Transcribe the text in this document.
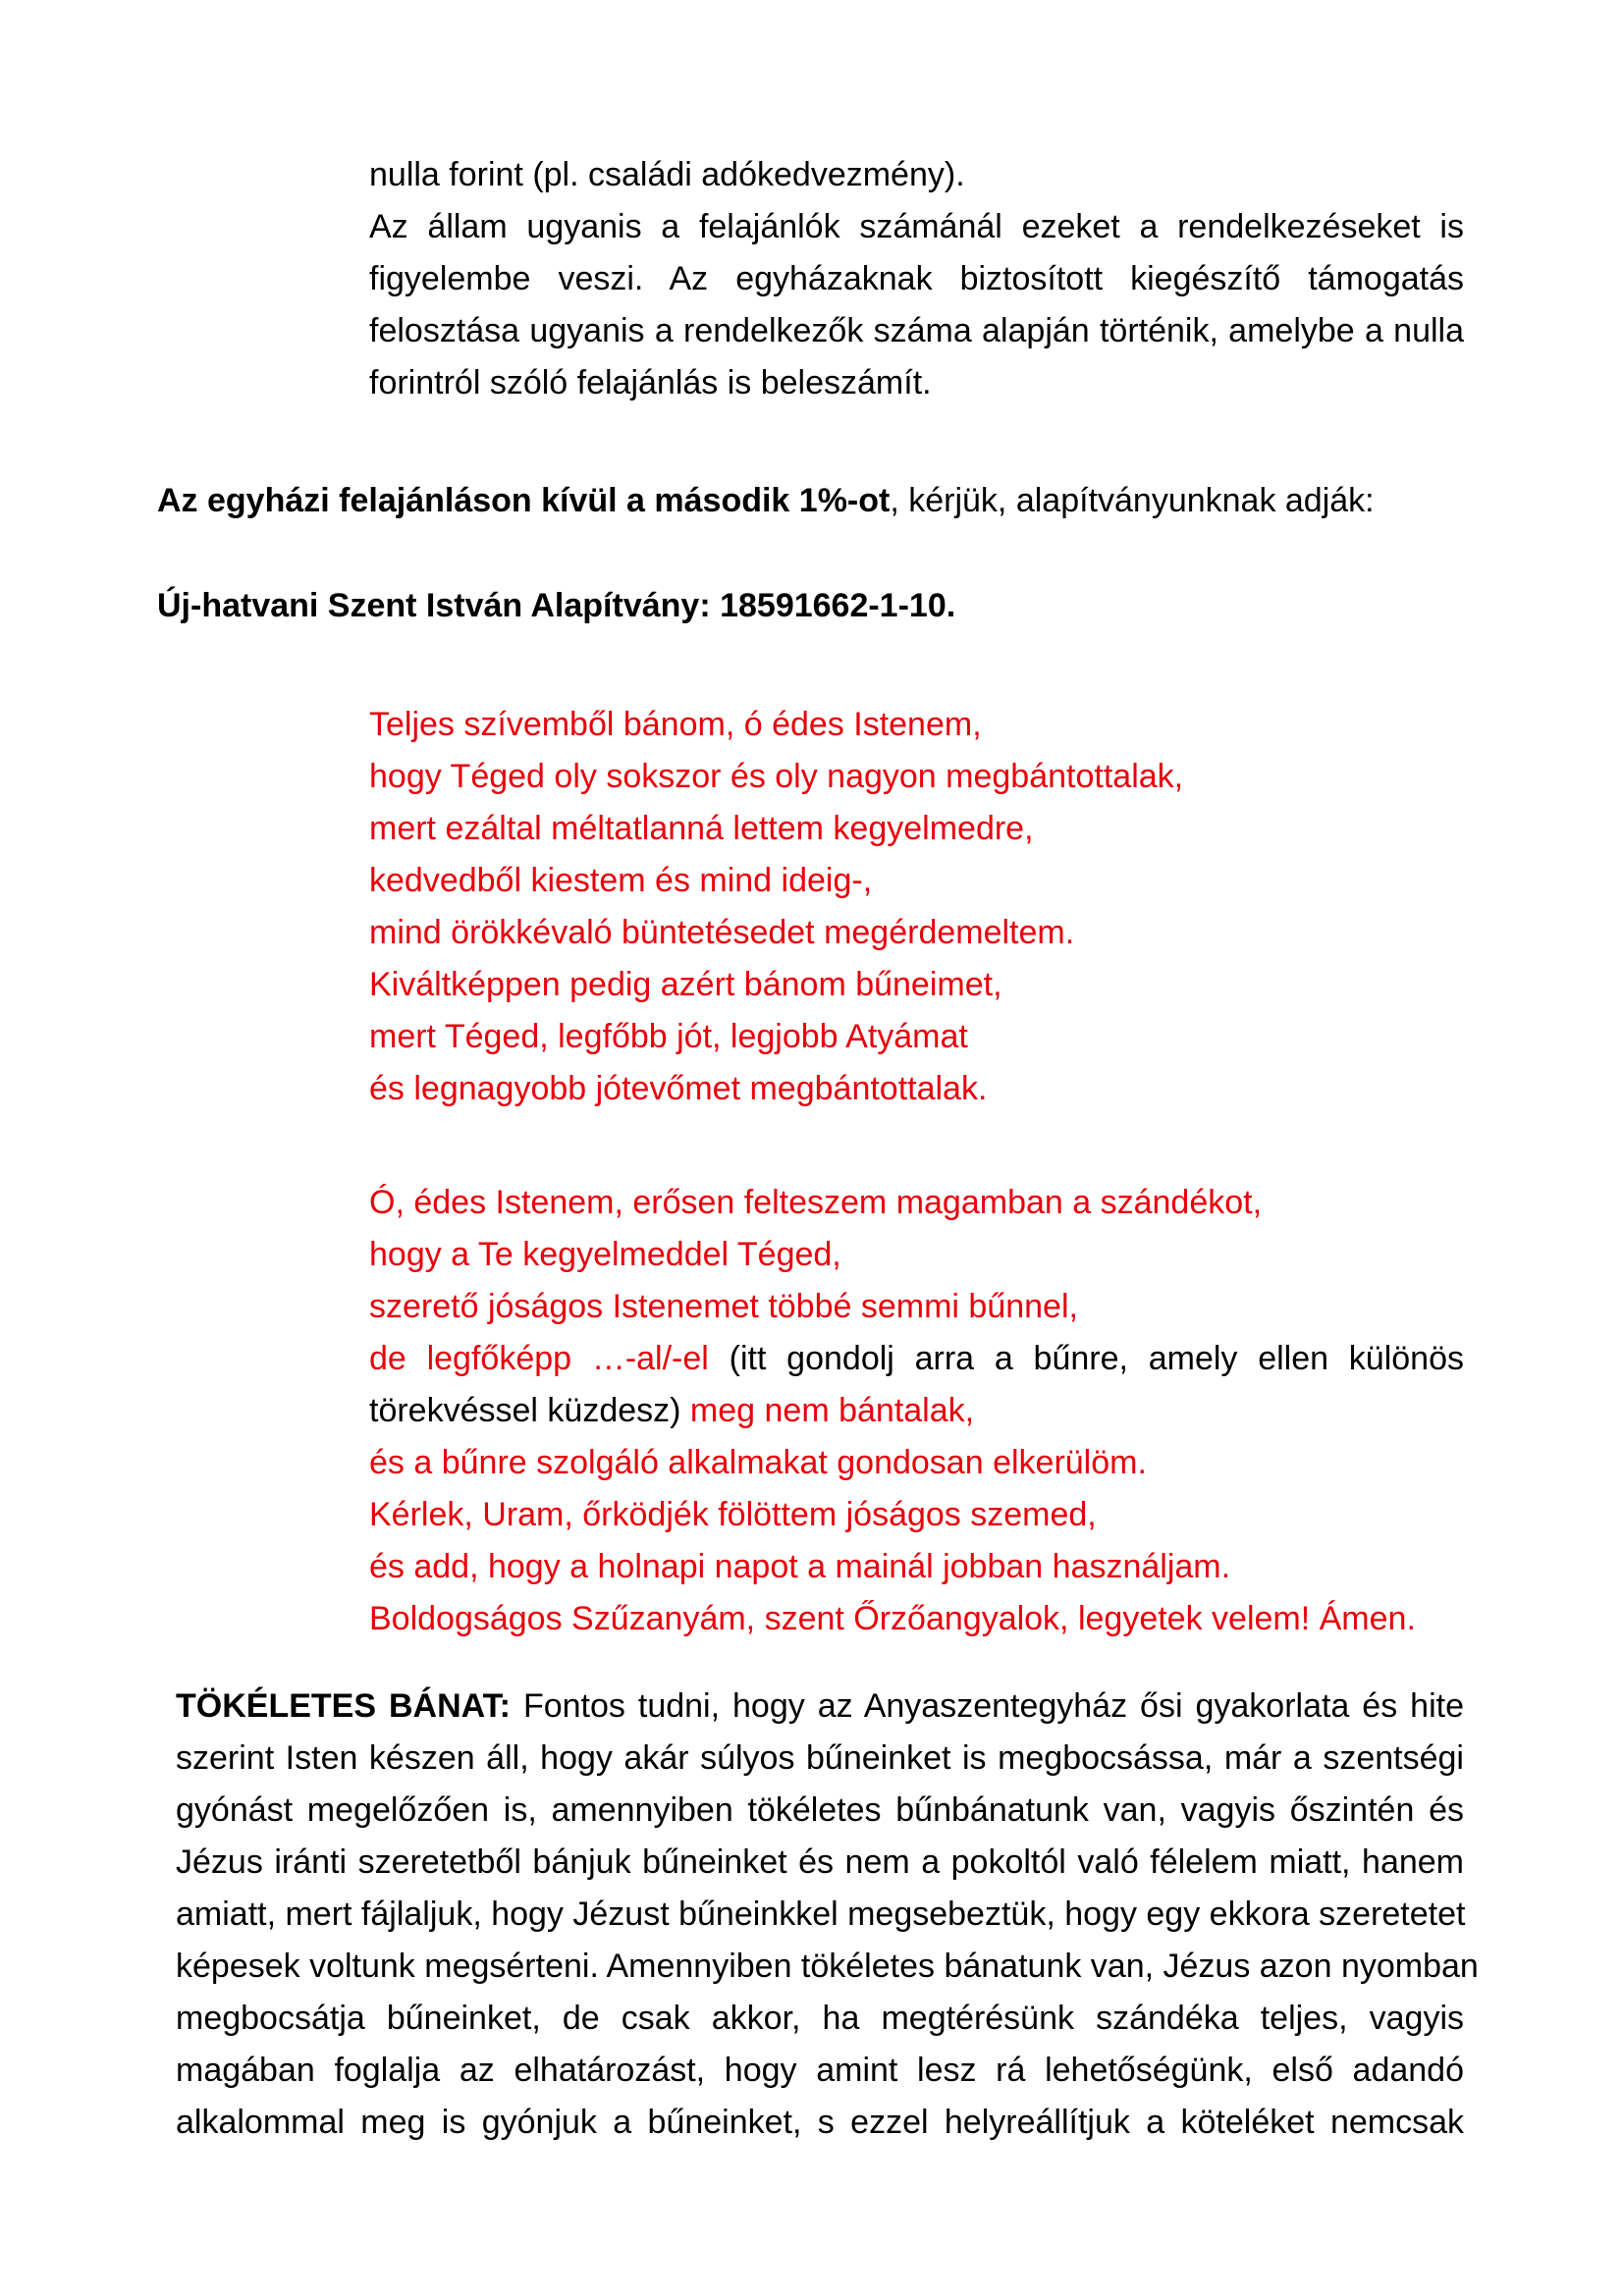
nulla forint (pl. családi adókedvezmény).
Az állam ugyanis a felajánlók számánál ezeket a rendelkezéseket is
figyelembe veszi. Az egyházaknak biztosított kiegészítő támogatás
felosztása ugyanis a rendelkezők száma alapján történik, amelybe a nulla
forintról szóló felajánlás is beleszámít.
Az egyházi felajánláson kívül a második 1%-ot, kérjük, alapítványunknak adják:
Új-hatvani Szent István Alapítvány: 18591662-1-10.
Teljes szívemből bánom, ó édes Istenem,
hogy Téged oly sokszor és oly nagyon megbántottalak,
mert ezáltal méltatlanná lettem kegyelmedre,
kedvedből kiestem és mind ideig-,
mind örökkévaló büntetésedet megérdemeltem.
Kiváltképpen pedig azért bánom bűneimet,
mert Téged, legfőbb jót, legjobb Atyámat
és legnagyobb jótevőmet megbántottalak.
Ó, édes Istenem, erősen felteszem magamban a szándékot,
hogy a Te kegyelmeddel Téged,
szerető jóságos Istenemet többé semmi bűnnel,
de legfőképp …-al/-el (itt gondolj arra a bűnre, amely ellen különös
törekvéssel küzdesz) meg nem bántalak,
és a bűnre szolgáló alkalmakat gondosan elkerülöm.
Kérlek, Uram, őrködjék fölöttem jóságos szemed,
és add, hogy a holnapi napot a mainál jobban használjam.
Boldogságos Szűzanyám, szent Őrzőangyalok, legyetek velem! Ámen.
TÖKÉLETES BÁNAT: Fontos tudni, hogy az Anyaszentegyház ősi gyakorlata és hite
szerint Isten készen áll, hogy akár súlyos bűneinket is megbocsássa, már a szentségi
gyónást megelőzően is, amennyiben tökéletes bűnbánatunk van, vagyis őszintén és
Jézus iránti szeretetből bánjuk bűneinket és nem a pokoltól való félelem miatt, hanem
amiatt, mert fájlaljuk, hogy Jézust bűneinkkel megsebeztük, hogy egy ekkora szeretetet
képesek voltunk megsérteni. Amennyiben tökéletes bánatunk van, Jézus azon nyomban
megbocsátja bűneinket, de csak akkor, ha megtérésünk szándéka teljes, vagyis
magában foglalja az elhatározást, hogy amint lesz rá lehetőségünk, első adandó
alkalommal meg is gyónjuk a bűneinket, s ezzel helyreállítjuk a köteléket nemcsak
